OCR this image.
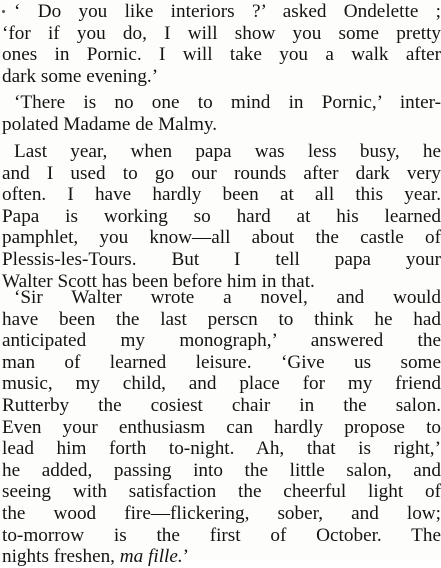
‘ Do you like interiors ?’ asked Ondelette ;
‘for if you do, I will show you some pretty
ones in Pornic. I will take you a walk after
dark some evening.’
‘There is no one to mind in Pornic,’ inter-
polated Madame de Malmy.
Last year, when papa was less busy, he
and I used to go our rounds after dark very
often. I have hardly been at all this year.
Papa is working so hard at his learned
pamphlet, you know—all about the castle of
Plessis-les-Tours. But I tell papa your
Walter Scott has been before him in that.
‘Sir Walter wrote a novel, and would
have been the last perscn to think he had
anticipated my monograph,’ answered the
man of learned leisure. ‘Give us some
music, my child, and place for my friend
Rutterby the cosiest chair in the salon.
Even your enthusiasm can hardly propose to
lead him forth to-night. Ah, that is right,’
he added, passing into the little salon, and
seeing with satisfaction the cheerful light of
the wood fire—flickering, sober, and low;
to-morrow is the first of October. The
nights freshen, ma fille.’
